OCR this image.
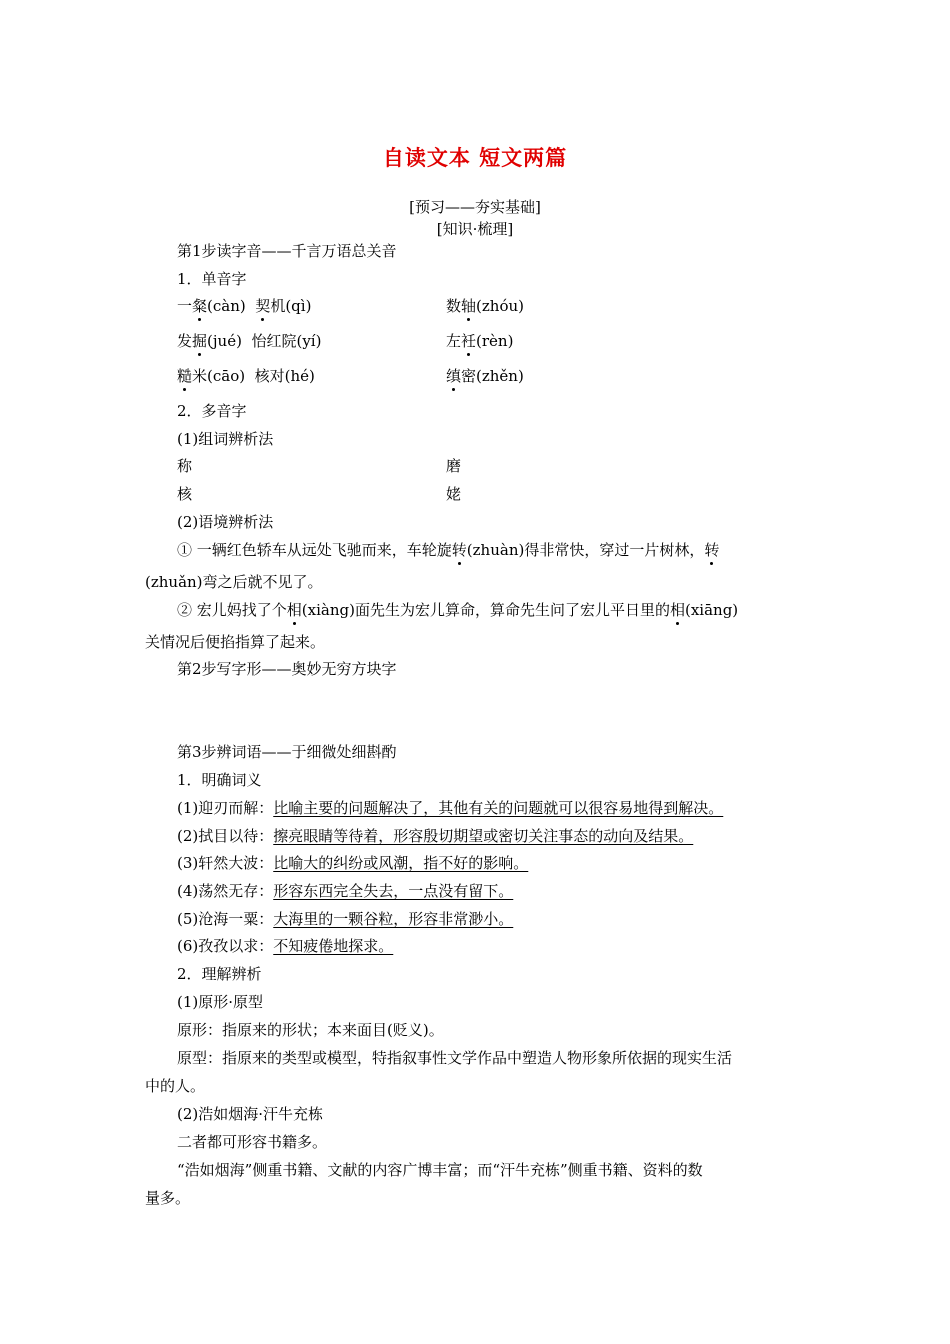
自读文本 短文两篇
[预习——夯实基础]
[知识·梳理]
第1步读字音——千言万语总关音
1．单音字
一粲(càn) 契机(qì)	数轴(zhóu)
发掘(jué) 怡红院(yí)	左衽(rèn)
糙米(cāo) 核对(hé)	缜密(zhěn)
2．多音字
(1)组词辨析法
称	磨
核	姥
(2)语境辨析法
① 一辆红色轿车从远处飞驰而来，车轮旋转(zhuàn)得非常快，穿过一片树林，转
(zhuǎn)弯之后就不见了。
② 宏儿妈找了个相(xiàng)面先生为宏儿算命，算命先生问了宏儿平日里的相(xiāng)
关情况后便掐指算了起来。
第2步写字形——奥妙无穷方块字
第3步辨词语——于细微处细斟酌
1．明确词义
(1)迎刃而解：比喻主要的问题解决了，其他有关的问题就可以很容易地得到解决。
(2)拭目以待：擦亮眼睛等待着，形容殷切期望或密切关注事态的动向及结果。
(3)轩然大波：比喻大的纠纷或风潮，指不好的影响。
(4)荡然无存：形容东西完全失去，一点没有留下。
(5)沧海一粟：大海里的一颗谷粒，形容非常渺小。
(6)孜孜以求：不知疲倦地探求。
2．理解辨析
(1)原形·原型
原形：指原来的形状；本来面目(贬义)。
原型：指原来的类型或模型，特指叙事性文学作品中塑造人物形象所依据的现实生活
中的人。
(2)浩如烟海·汗牛充栋
二者都可形容书籍多。
“浩如烟海”侧重书籍、文献的内容广博丰富；而“汗牛充栋”侧重书籍、资料的数
量多。
